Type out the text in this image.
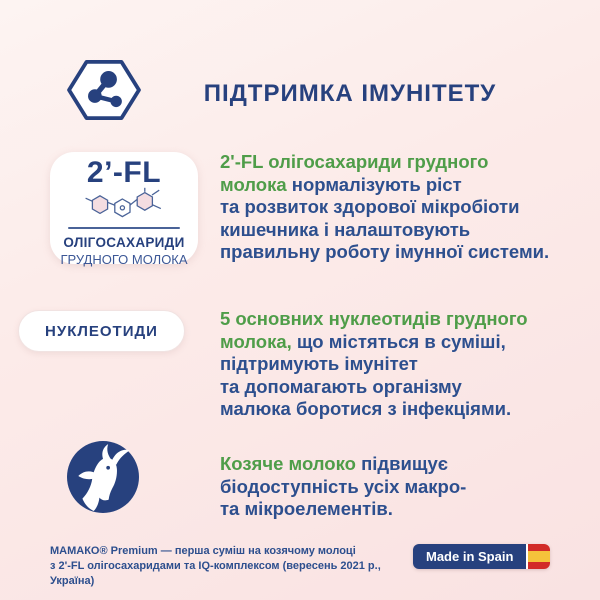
ПІДТРИМКА ІМУНІТЕТУ
2’-FL
ОЛІГОСАХАРИДИ
ГРУДНОГО МОЛОКА
2'-FL олігосахариди грудного
молока нормалізують ріст
та розвиток здорової мікробіоти
кишечника і налаштовують
правильну роботу імунної системи.
НУКЛЕОТИДИ
5 основних нуклеотидів грудного
молока, що містяться в суміші,
підтримують імунітет
та допомагають організму
малюка боротися з інфекціями.
Козяче молоко підвищує
біодоступність усіх макро-
та мікроелементів.
МАМАКО® Premium — перша суміш на козячому молоці
з 2'-FL олігосахаридами та IQ-комплексом (вересень 2021 р.,
Україна)
Made in Spain
